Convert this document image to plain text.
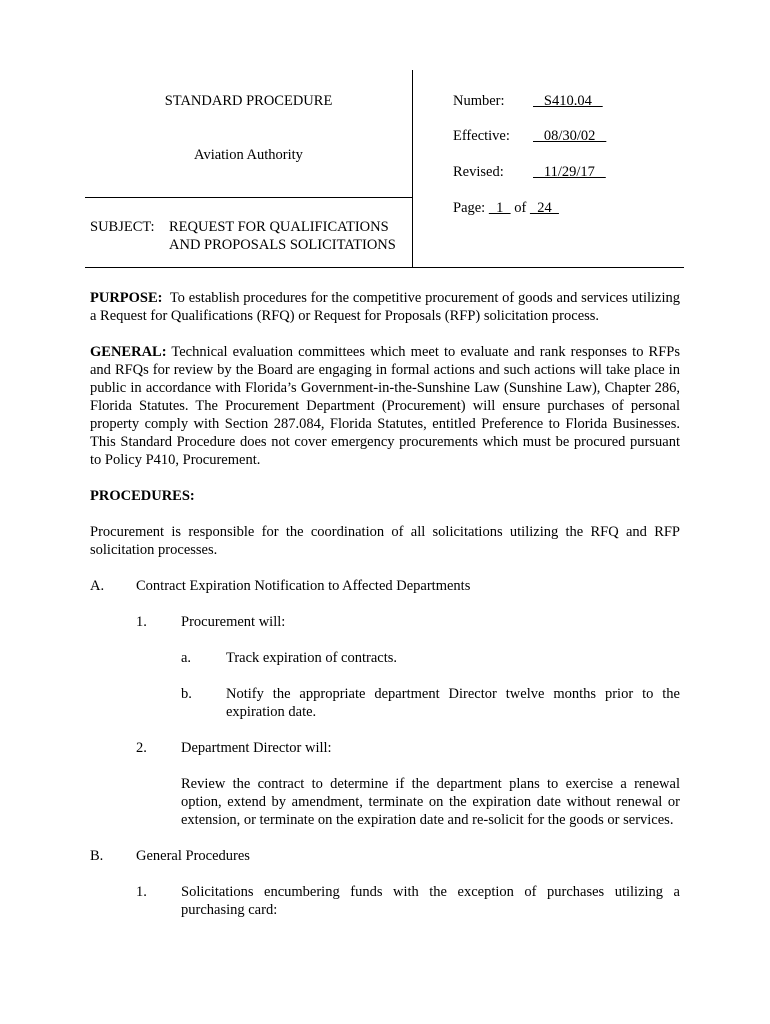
STANDARD PROCEDURE
Aviation Authority
SUBJECT: REQUEST FOR QUALIFICATIONS
AND PROPOSALS SOLICITATIONS
Number:   S410.04
Effective:   08/30/02
Revised:   11/29/17
Page:   1   of   24

PURPOSE: To establish procedures for the competitive procurement of goods and services utilizing a Request for Qualifications (RFQ) or Request for Proposals (RFP) solicitation process.

GENERAL: Technical evaluation committees which meet to evaluate and rank responses to RFPs and RFQs for review by the Board are engaging in formal actions and such actions will take place in public in accordance with Florida’s Government-in-the-Sunshine Law (Sunshine Law), Chapter 286, Florida Statutes. The Procurement Department (Procurement) will ensure purchases of personal property comply with Section 287.084, Florida Statutes, entitled Preference to Florida Businesses. This Standard Procedure does not cover emergency procurements which must be procured pursuant to Policy P410, Procurement.

PROCEDURES:

Procurement is responsible for the coordination of all solicitations utilizing the RFQ and RFP solicitation processes.

A.	Contract Expiration Notification to Affected Departments
1.	Procurement will:
a.	Track expiration of contracts.
b.	Notify the appropriate department Director twelve months prior to the expiration date.
2.	Department Director will:
Review the contract to determine if the department plans to exercise a renewal option, extend by amendment, terminate on the expiration date without renewal or extension, or terminate on the expiration date and re-solicit for the goods or services.
B.	General Procedures
1.	Solicitations encumbering funds with the exception of purchases utilizing a purchasing card:
